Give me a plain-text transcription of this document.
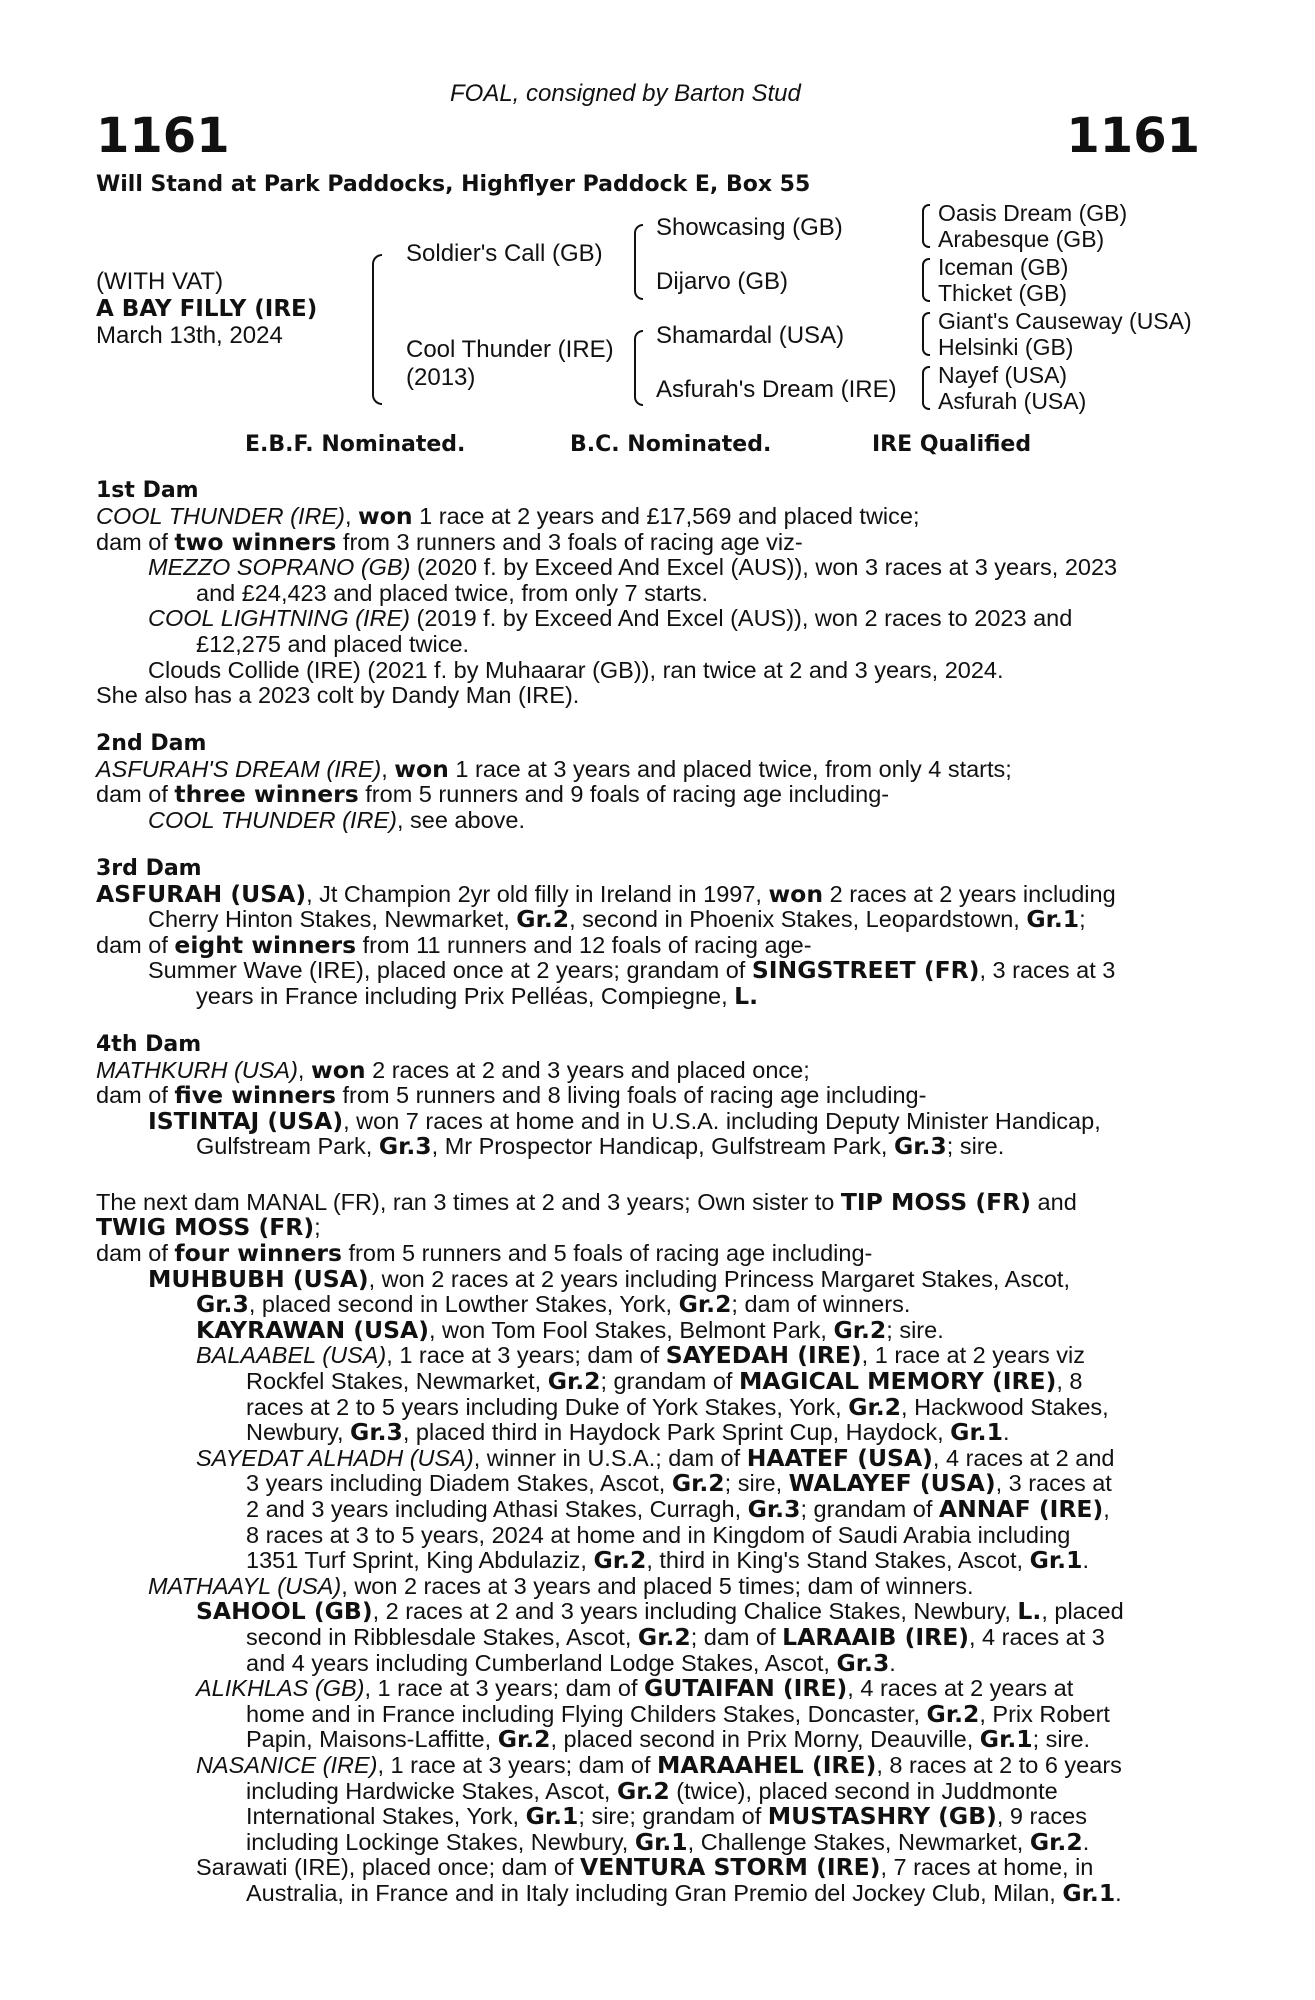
FOAL, consigned by Barton Stud
1161	1161
Will Stand at Park Paddocks, Highflyer Paddock E, Box 55
(WITH VAT)
A BAY FILLY (IRE)
March 13th, 2024
Soldier's Call (GB)
Cool Thunder (IRE)
(2013)
Showcasing (GB)
Dijarvo (GB)
Shamardal (USA)
Asfurah's Dream (IRE)
Oasis Dream (GB)
Arabesque (GB)
Iceman (GB)
Thicket (GB)
Giant's Causeway (USA)
Helsinki (GB)
Nayef (USA)
Asfurah (USA)
E.B.F. Nominated.	B.C. Nominated.	IRE Qualified
1st Dam
COOL THUNDER (IRE), won 1 race at 2 years and £17,569 and placed twice;
dam of two winners from 3 runners and 3 foals of racing age viz-
MEZZO SOPRANO (GB) (2020 f. by Exceed And Excel (AUS)), won 3 races at 3 years, 2023
and £24,423 and placed twice, from only 7 starts.
COOL LIGHTNING (IRE) (2019 f. by Exceed And Excel (AUS)), won 2 races to 2023 and
£12,275 and placed twice.
Clouds Collide (IRE) (2021 f. by Muhaarar (GB)), ran twice at 2 and 3 years, 2024.
She also has a 2023 colt by Dandy Man (IRE).
2nd Dam
ASFURAH'S DREAM (IRE), won 1 race at 3 years and placed twice, from only 4 starts;
dam of three winners from 5 runners and 9 foals of racing age including-
COOL THUNDER (IRE), see above.
3rd Dam
ASFURAH (USA), Jt Champion 2yr old filly in Ireland in 1997, won 2 races at 2 years including
Cherry Hinton Stakes, Newmarket, Gr.2, second in Phoenix Stakes, Leopardstown, Gr.1;
dam of eight winners from 11 runners and 12 foals of racing age-
Summer Wave (IRE), placed once at 2 years; grandam of SINGSTREET (FR), 3 races at 3
years in France including Prix Pelléas, Compiegne, L.
4th Dam
MATHKURH (USA), won 2 races at 2 and 3 years and placed once;
dam of five winners from 5 runners and 8 living foals of racing age including-
ISTINTAJ (USA), won 7 races at home and in U.S.A. including Deputy Minister Handicap,
Gulfstream Park, Gr.3, Mr Prospector Handicap, Gulfstream Park, Gr.3; sire.
The next dam MANAL (FR), ran 3 times at 2 and 3 years; Own sister to TIP MOSS (FR) and
TWIG MOSS (FR);
dam of four winners from 5 runners and 5 foals of racing age including-
MUHBUBH (USA), won 2 races at 2 years including Princess Margaret Stakes, Ascot,
Gr.3, placed second in Lowther Stakes, York, Gr.2; dam of winners.
KAYRAWAN (USA), won Tom Fool Stakes, Belmont Park, Gr.2; sire.
BALAABEL (USA), 1 race at 3 years; dam of SAYEDAH (IRE), 1 race at 2 years viz
Rockfel Stakes, Newmarket, Gr.2; grandam of MAGICAL MEMORY (IRE), 8
races at 2 to 5 years including Duke of York Stakes, York, Gr.2, Hackwood Stakes,
Newbury, Gr.3, placed third in Haydock Park Sprint Cup, Haydock, Gr.1.
SAYEDAT ALHADH (USA), winner in U.S.A.; dam of HAATEF (USA), 4 races at 2 and
3 years including Diadem Stakes, Ascot, Gr.2; sire, WALAYEF (USA), 3 races at
2 and 3 years including Athasi Stakes, Curragh, Gr.3; grandam of ANNAF (IRE),
8 races at 3 to 5 years, 2024 at home and in Kingdom of Saudi Arabia including
1351 Turf Sprint, King Abdulaziz, Gr.2, third in King's Stand Stakes, Ascot, Gr.1.
MATHAAYL (USA), won 2 races at 3 years and placed 5 times; dam of winners.
SAHOOL (GB), 2 races at 2 and 3 years including Chalice Stakes, Newbury, L., placed
second in Ribblesdale Stakes, Ascot, Gr.2; dam of LARAAIB (IRE), 4 races at 3
and 4 years including Cumberland Lodge Stakes, Ascot, Gr.3.
ALIKHLAS (GB), 1 race at 3 years; dam of GUTAIFAN (IRE), 4 races at 2 years at
home and in France including Flying Childers Stakes, Doncaster, Gr.2, Prix Robert
Papin, Maisons-Laffitte, Gr.2, placed second in Prix Morny, Deauville, Gr.1; sire.
NASANICE (IRE), 1 race at 3 years; dam of MARAAHEL (IRE), 8 races at 2 to 6 years
including Hardwicke Stakes, Ascot, Gr.2 (twice), placed second in Juddmonte
International Stakes, York, Gr.1; sire; grandam of MUSTASHRY (GB), 9 races
including Lockinge Stakes, Newbury, Gr.1, Challenge Stakes, Newmarket, Gr.2.
Sarawati (IRE), placed once; dam of VENTURA STORM (IRE), 7 races at home, in
Australia, in France and in Italy including Gran Premio del Jockey Club, Milan, Gr.1.
